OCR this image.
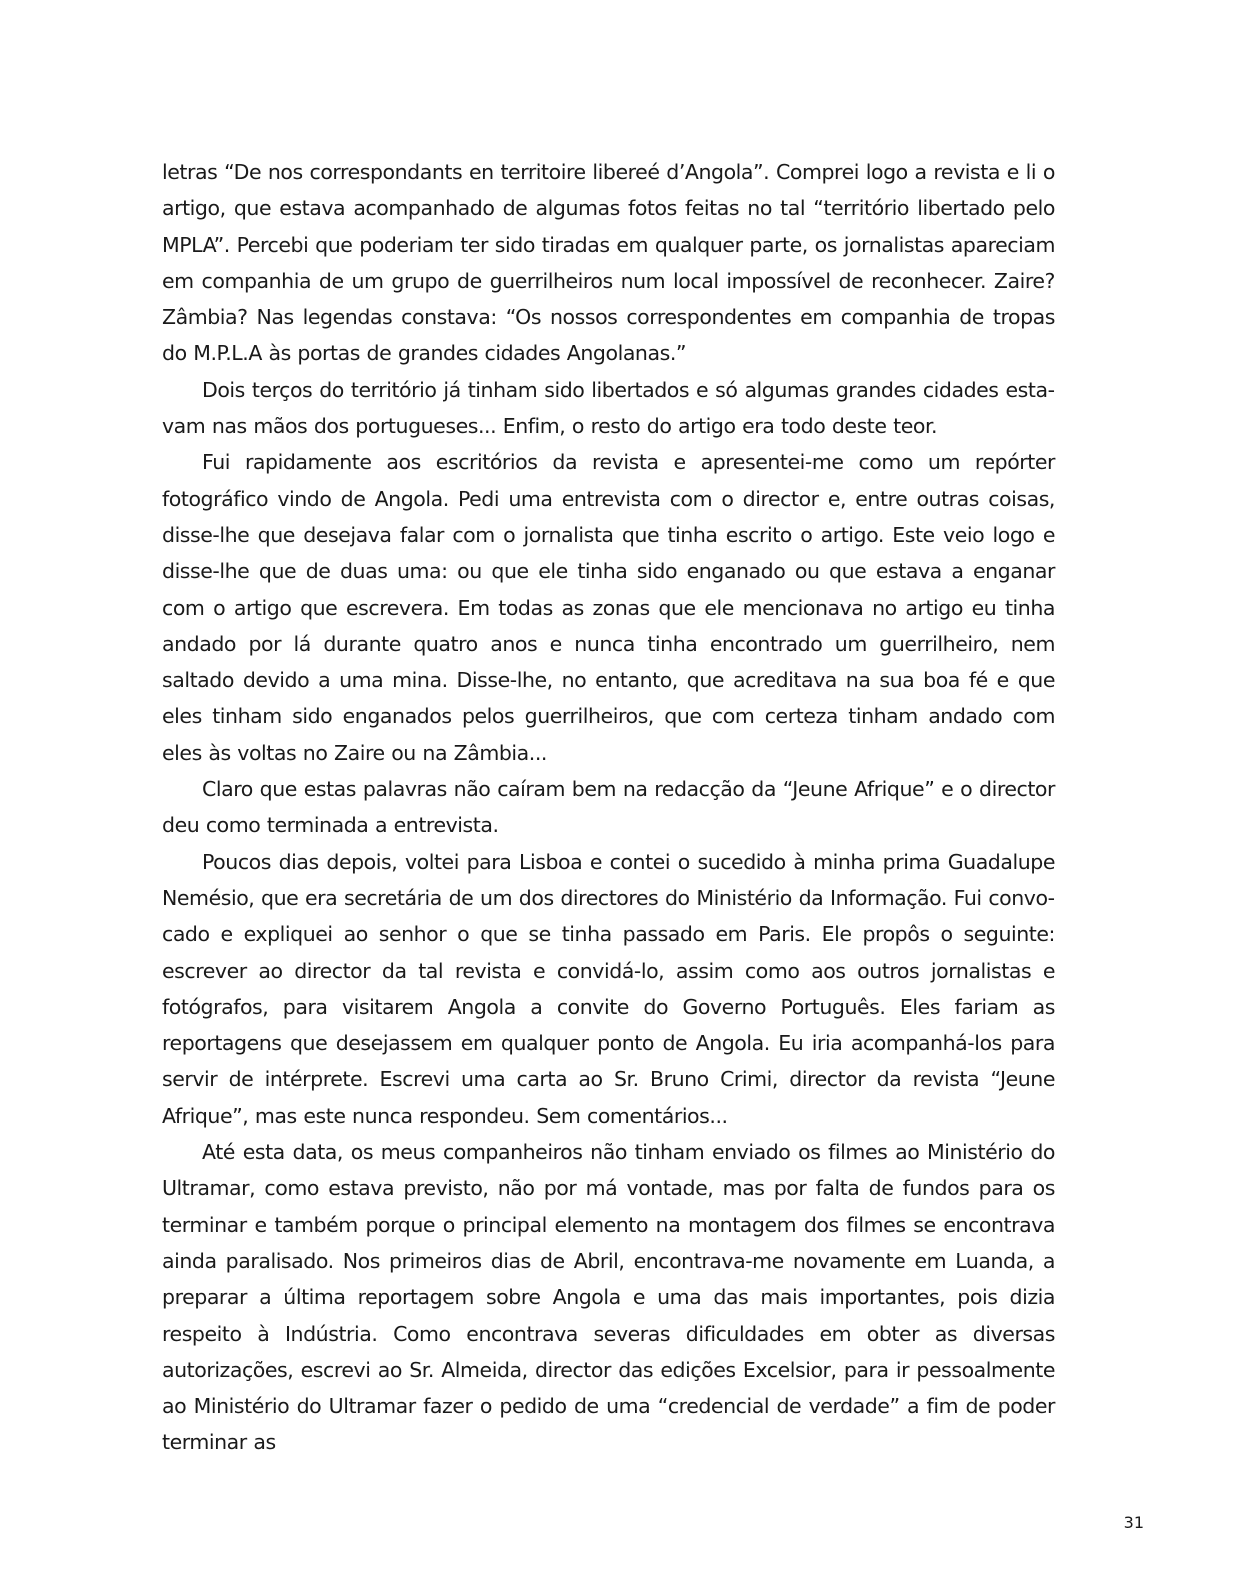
letras “De nos correspondants en territoire libereé d’Angola”. Comprei logo a revista e li o artigo, que estava acompanhado de algumas fotos feitas no tal “território libertado pelo MPLA”. Percebi que poderiam ter sido tiradas em qualquer parte, os jornalistas apareciam em companhia de um grupo de guerrilheiros num local impossível de reconhecer. Zaire? Zâmbia? Nas legendas constava: “Os nossos correspondentes em companhia de tropas do M.P.L.A às portas de grandes cidades Angolanas.”

Dois terços do território já tinham sido libertados e só algumas grandes cidades estavam nas mãos dos portugueses... Enfim, o resto do artigo era todo deste teor.

Fui rapidamente aos escritórios da revista e apresentei-me como um repórter fotográfico vindo de Angola. Pedi uma entrevista com o director e, entre outras coisas, disse-lhe que desejava falar com o jornalista que tinha escrito o artigo. Este veio logo e disse-lhe que de duas uma: ou que ele tinha sido enganado ou que estava a enganar com o artigo que escrevera. Em todas as zonas que ele mencionava no artigo eu tinha andado por lá durante quatro anos e nunca tinha encontrado um guerrilheiro, nem saltado devido a uma mina. Disse-lhe, no entanto, que acreditava na sua boa fé e que eles tinham sido enganados pelos guerrilheiros, que com certeza tinham andado com eles às voltas no Zaire ou na Zâmbia...

Claro que estas palavras não caíram bem na redacção da “Jeune Afrique” e o director deu como terminada a entrevista.

Poucos dias depois, voltei para Lisboa e contei o sucedido à minha prima Guadalupe Nemésio, que era secretária de um dos directores do Ministério da Informação. Fui convocado e expliquei ao senhor o que se tinha passado em Paris. Ele propôs o seguinte: escrever ao director da tal revista e convidá-lo, assim como aos outros jornalistas e fotógrafos, para visitarem Angola a convite do Governo Português. Eles fariam as reportagens que desejassem em qualquer ponto de Angola. Eu iria acompanhá-los para servir de intérprete. Escrevi uma carta ao Sr. Bruno Crimi, director da revista “Jeune Afrique”, mas este nunca respondeu. Sem comentários...

Até esta data, os meus companheiros não tinham enviado os filmes ao Ministério do Ultramar, como estava previsto, não por má vontade, mas por falta de fundos para os terminar e também porque o principal elemento na montagem dos filmes se encontrava ainda paralisado. Nos primeiros dias de Abril, encontrava-me novamente em Luanda, a preparar a última reportagem sobre Angola e uma das mais importantes, pois dizia respeito à Indústria. Como encontrava severas dificuldades em obter as diversas autorizações, escrevi ao Sr. Almeida, director das edições Excelsior, para ir pessoalmente ao Ministério do Ultramar fazer o pedido de uma “credencial de verdade” a fim de poder terminar as

31
